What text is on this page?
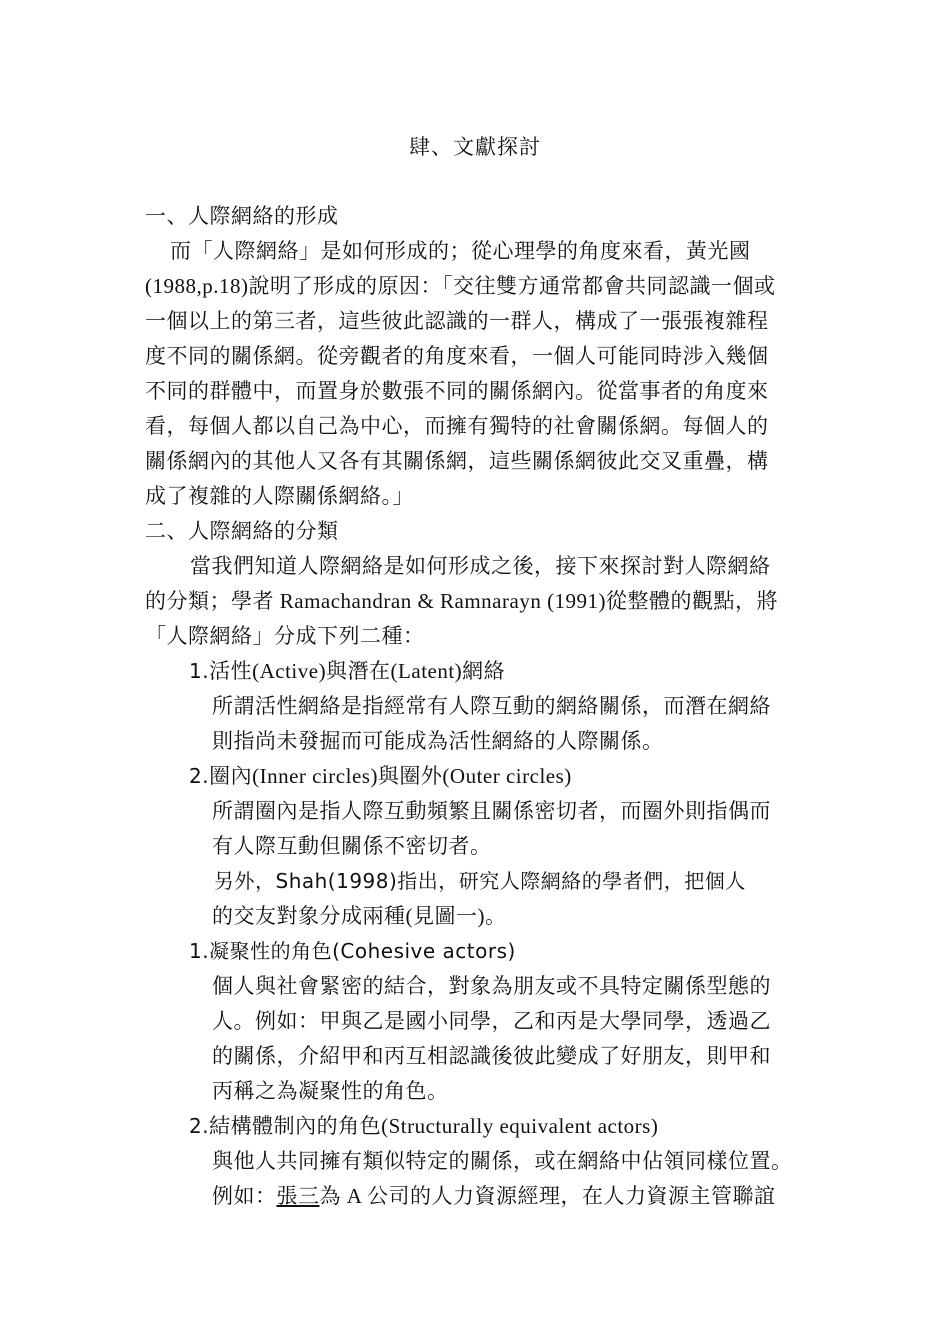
肆、文獻探討
一、人際網絡的形成
而「人際網絡」是如何形成的；從心理學的角度來看，黃光國
(1988,p.18)說明了形成的原因：「交往雙方通常都會共同認識一個或
一個以上的第三者，這些彼此認識的一群人，構成了一張張複雜程
度不同的關係網。從旁觀者的角度來看，一個人可能同時涉入幾個
不同的群體中，而置身於數張不同的關係網內。從當事者的角度來
看，每個人都以自己為中心，而擁有獨特的社會關係網。每個人的
關係網內的其他人又各有其關係網，這些關係網彼此交叉重疊，構
成了複雜的人際關係網絡。」
二、人際網絡的分類
當我們知道人際網絡是如何形成之後，接下來探討對人際網絡
的分類；學者 Ramachandran & Ramnarayn (1991)從整體的觀點，將
「人際網絡」分成下列二種：
1.活性(Active)與潛在(Latent)網絡
所謂活性網絡是指經常有人際互動的網絡關係，而潛在網絡
則指尚未發掘而可能成為活性網絡的人際關係。
2.圈內(Inner circles)與圈外(Outer circles)
所謂圈內是指人際互動頻繁且關係密切者，而圈外則指偶而
有人際互動但關係不密切者。
另外，Shah(1998)指出，研究人際網絡的學者們，把個人
的交友對象分成兩種(見圖一)。
1.凝聚性的角色(Cohesive actors)
個人與社會緊密的結合，對象為朋友或不具特定關係型態的
人。例如：甲與乙是國小同學，乙和丙是大學同學，透過乙
的關係，介紹甲和丙互相認識後彼此變成了好朋友，則甲和
丙稱之為凝聚性的角色。
2.結構體制內的角色(Structurally equivalent actors)
與他人共同擁有類似特定的關係，或在網絡中佔領同樣位置。
例如：張三為 A 公司的人力資源經理，在人力資源主管聯誼
